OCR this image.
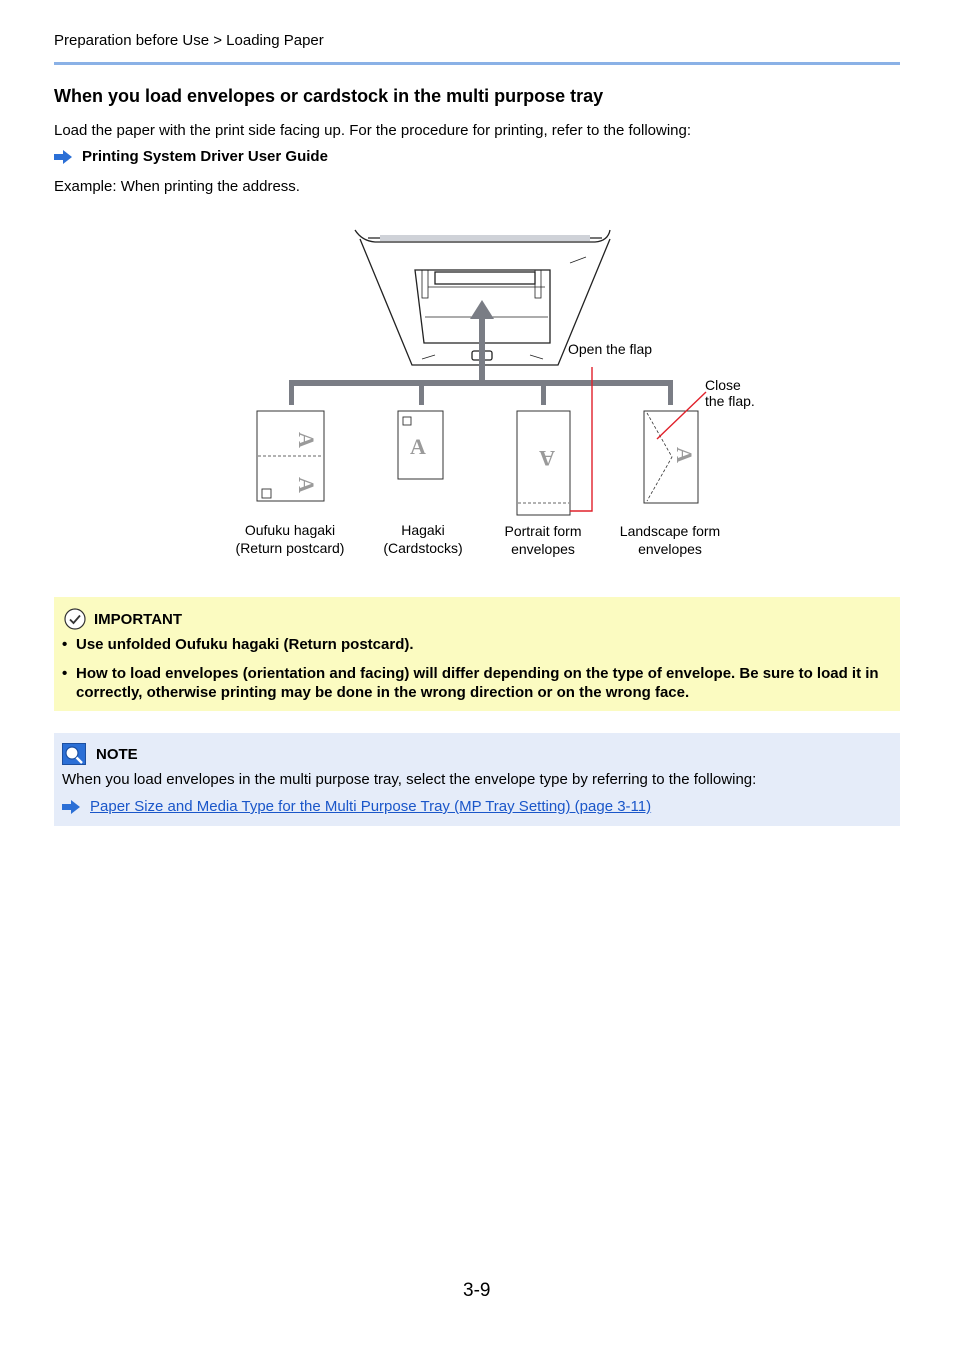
Preparation before Use > Loading Paper
When you load envelopes or cardstock in the multi purpose tray
Load the paper with the print side facing up. For the procedure for printing, refer to the following:
Printing System Driver User Guide
Example: When printing the address.
A
A
A	A	A
Open the flap
Close the flap.
Oufuku hagaki
(Return postcard)
Hagaki
(Cardstocks)
Portrait form
envelopes
Landscape form
envelopes
IMPORTANT
• Use unfolded Oufuku hagaki (Return postcard).
• How to load envelopes (orientation and facing) will differ depending on the type of envelope. Be sure to load it in correctly, otherwise printing may be done in the wrong direction or on the wrong face.
NOTE
When you load envelopes in the multi purpose tray, select the envelope type by referring to the following:
Paper Size and Media Type for the Multi Purpose Tray (MP Tray Setting) (page 3-11)
3-9
